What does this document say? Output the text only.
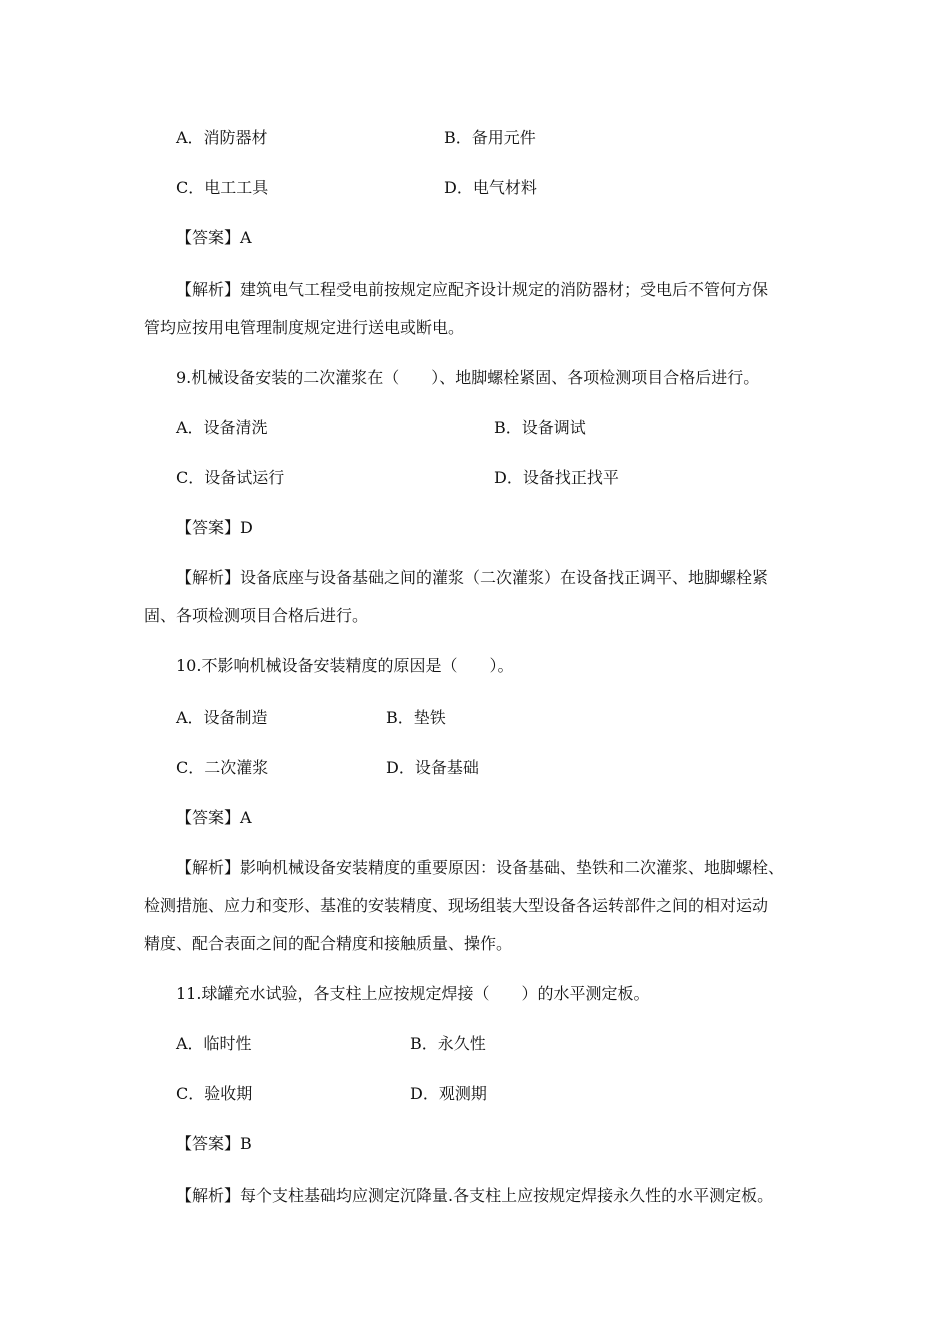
A．消防器材	B．备用元件
C．电工工具	D．电气材料
【答案】A
【解析】建筑电气工程受电前按规定应配齐设计规定的消防器材；受电后不管何方保
管均应按用电管理制度规定进行送电或断电。
9.机械设备安装的二次灌浆在（　　）、地脚螺栓紧固、各项检测项目合格后进行。
A．设备清洗	B．设备调试
C．设备试运行	D．设备找正找平
【答案】D
【解析】设备底座与设备基础之间的灌浆（二次灌浆）在设备找正调平、地脚螺栓紧
固、各项检测项目合格后进行。
10.不影响机械设备安装精度的原因是（　　）。
A．设备制造	B．垫铁
C．二次灌浆	D．设备基础
【答案】A
【解析】影响机械设备安装精度的重要原因：设备基础、垫铁和二次灌浆、地脚螺栓、
检测措施、应力和变形、基准的安装精度、现场组装大型设备各运转部件之间的相对运动
精度、配合表面之间的配合精度和接触质量、操作。
11.球罐充水试验，各支柱上应按规定焊接（　　）的水平测定板。
A．临时性	B．永久性
C．验收期	D．观测期
【答案】B
【解析】每个支柱基础均应测定沉降量.各支柱上应按规定焊接永久性的水平测定板。
